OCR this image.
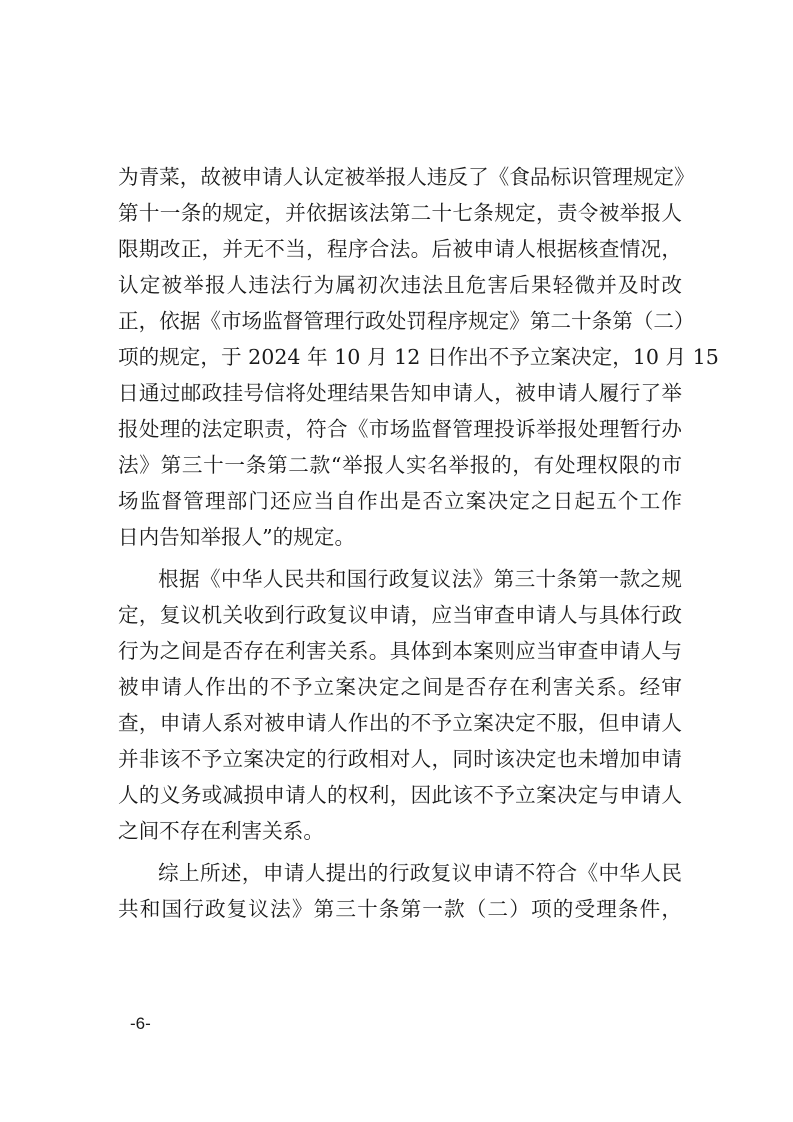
为青菜，故被申请人认定被举报人违反了《食品标识管理规定》
第十一条的规定，并依据该法第二十七条规定，责令被举报人
限期改正，并无不当，程序合法。后被申请人根据核查情况，
认定被举报人违法行为属初次违法且危害后果轻微并及时改
正，依据《市场监督管理行政处罚程序规定》第二十条第（二）
项的规定，于 2024 年 10 月 12 日作出不予立案决定，10 月 15
日通过邮政挂号信将处理结果告知申请人，被申请人履行了举
报处理的法定职责，符合《市场监督管理投诉举报处理暂行办
法》第三十一条第二款“举报人实名举报的，有处理权限的市
场监督管理部门还应当自作出是否立案决定之日起五个工作
日内告知举报人”的规定。
根据《中华人民共和国行政复议法》第三十条第一款之规
定，复议机关收到行政复议申请，应当审查申请人与具体行政
行为之间是否存在利害关系。具体到本案则应当审查申请人与
被申请人作出的不予立案决定之间是否存在利害关系。经审
查，申请人系对被申请人作出的不予立案决定不服，但申请人
并非该不予立案决定的行政相对人，同时该决定也未增加申请
人的义务或减损申请人的权利，因此该不予立案决定与申请人
之间不存在利害关系。
综上所述，申请人提出的行政复议申请不符合《中华人民
共和国行政复议法》第三十条第一款（二）项的受理条件，
-6-
